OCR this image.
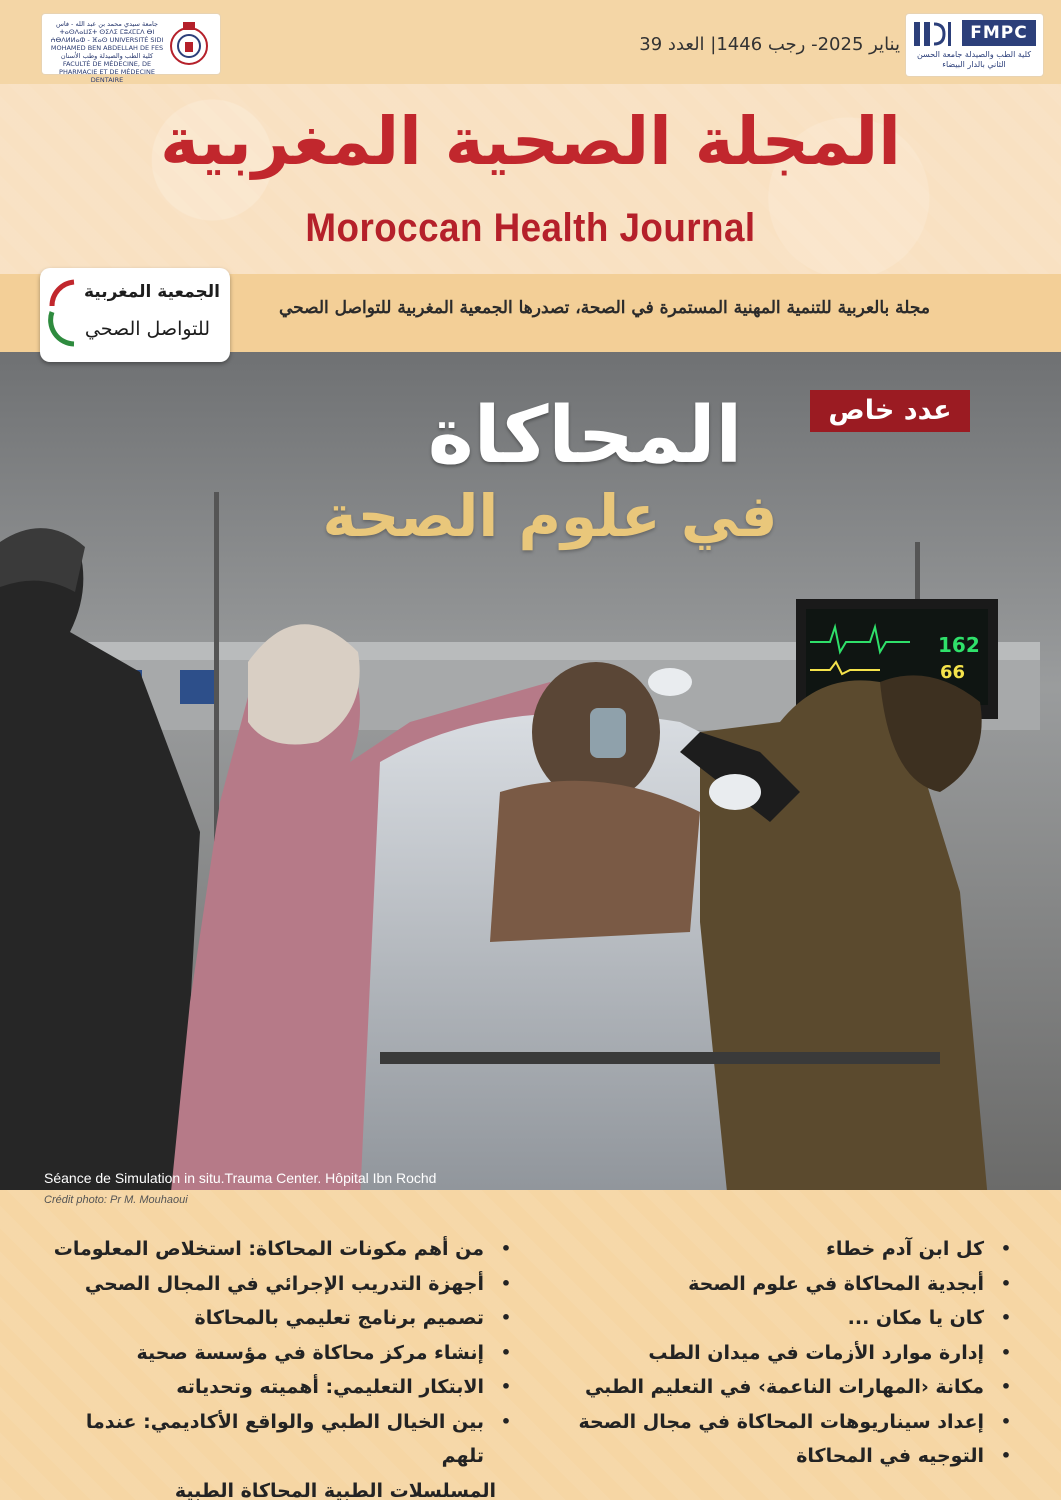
جامعة سيدي محمد بن عبد الله - فاس ⵜⴰⵙⴷⴰⵡⵉⵜ ⵙⵉⴷⵉ ⵎⵓⵃⵎⵎⴷ ⴱⵏ ⵄⴱⴷⵍⵍⴰⵀ - ⴼⴰⵙ UNIVERSITÉ SIDI MOHAMED BEN ABDELLAH DE FES كلية الطب والصيدلة وطب الأسنان FACULTÉ DE MÉDECINE, DE PHARMACIE ET DE MÉDECINE DENTAIRE
FMPC
كلية الطب والصيدلة جامعة الحسن الثاني بالدار البيضاء
يناير 2025- رجب 1446| العدد 39
المجلة الصحية المغربية
Moroccan Health Journal
مجلة بالعربية للتنمية المهنية المستمرة في الصحة، تصدرها الجمعية المغربية للتواصل الصحي
الجمعية المغربية
للتواصل الصحي
162
66
عدد خاص
المحاكاة
في علوم الصحة
Séance de Simulation in situ.Trauma Center. Hôpital Ibn Rochd
Crédit photo: Pr M. Mouhaoui
•
كل ابن آدم خطاء
•
أبجدية المحاكاة في علوم الصحة
•
كان يا مكان ...
•
إدارة موارد الأزمات في ميدان الطب
•
مكانة ‹المهارات الناعمة› في التعليم الطبي
•
إعداد سيناريوهات المحاكاة في مجال الصحة
•
التوجيه في المحاكاة
•
من أهم مكونات المحاكاة: استخلاص المعلومات
•
أجهزة التدريب الإجرائي في المجال الصحي
•
تصميم برنامج تعليمي بالمحاكاة
•
إنشاء مركز محاكاة في مؤسسة صحية
•
الابتكار التعليمي: أهميته وتحدياته
•
بين الخيال الطبي والواقع الأكاديمي: عندما تلهم
المسلسلات الطبية المحاكاة الطبية
